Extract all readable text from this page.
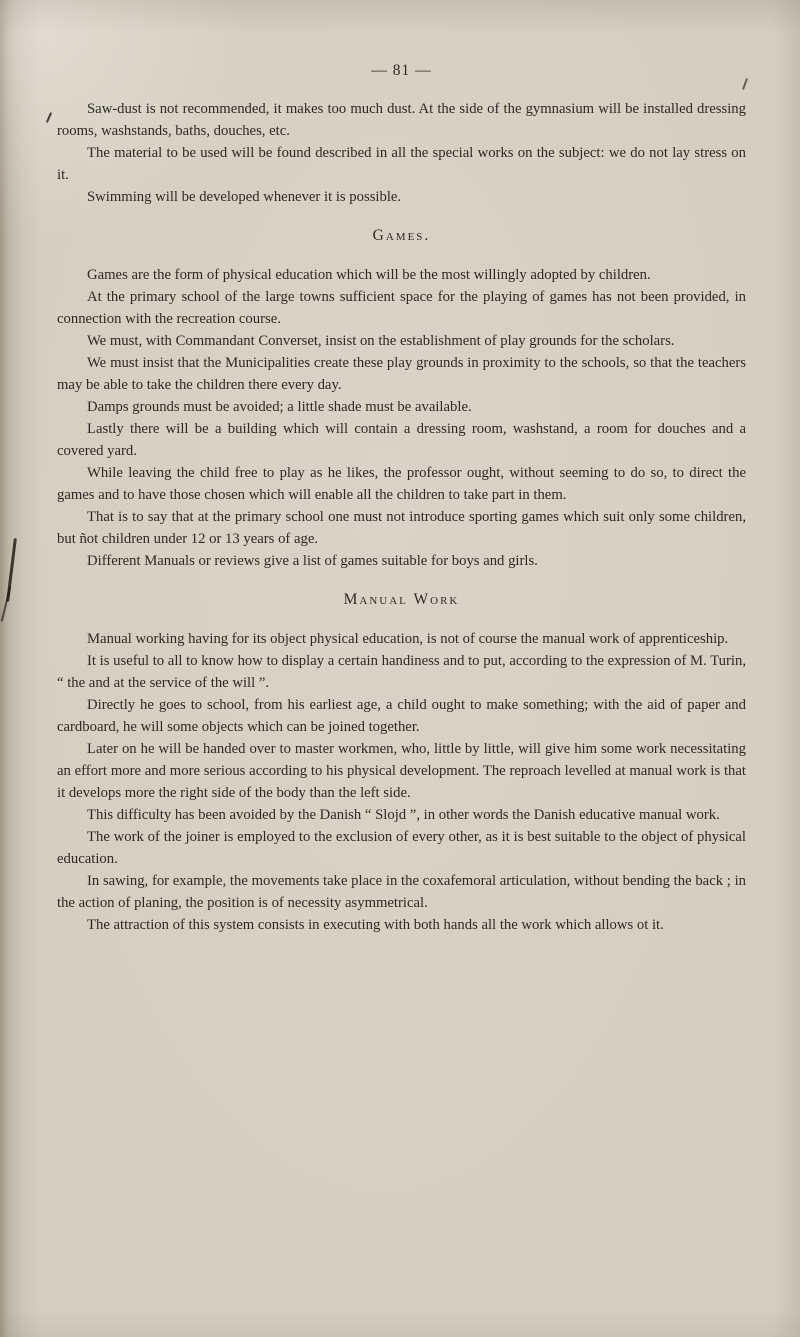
— 81 —

Saw-dust is not recommended, it makes too much dust. At the side of the gymnasium will be installed dressing rooms, washstands, baths, douches, etc.

The material to be used will be found described in all the special works on the subject: we do not lay stress on it.

Swimming will be developed whenever it is possible.

Games.

Games are the form of physical education which will be the most willingly adopted by children.

At the primary school of the large towns sufficient space for the playing of games has not been provided, in connection with the recreation course.

We must, with Commandant Converset, insist on the establishment of play grounds for the scholars.

We must insist that the Municipalities create these play grounds in proximity to the schools, so that the teachers may be able to take the children there every day.

Damps grounds must be avoided; a little shade must be available.

Lastly there will be a building which will contain a dressing room, washstand, a room for douches and a covered yard.

While leaving the child free to play as he likes, the professor ought, without seeming to do so, to direct the games and to have those chosen which will enable all the children to take part in them.

That is to say that at the primary school one must not introduce sporting games which suit only some children, but ñot children under 12 or 13 years of age.

Different Manuals or reviews give a list of games suitable for boys and girls.

Manual Work

Manual working having for its object physical education, is not of course the manual work of apprenticeship.

It is useful to all to know how to display a certain handiness and to put, according to the expression of M. Turin, “ the and at the service of the will ”.

Directly he goes to school, from his earliest age, a child ought to make something; with the aid of paper and cardboard, he will some objects which can be joined together.

Later on he will be handed over to master workmen, who, little by little, will give him some work necessitating an effort more and more serious according to his physical development. The reproach levelled at manual work is that it develops more the right side of the body than the left side.

This difficulty has been avoided by the Danish “ Slojd ”, in other words the Danish educative manual work.

The work of the joiner is employed to the exclusion of every other, as it is best suitable to the object of physical education.

In sawing, for example, the movements take place in the coxafemoral articulation, without bending the back ; in the action of planing, the position is of necessity asymmetrical.

The attraction of this system consists in executing with both hands all the work which allows ot it.
